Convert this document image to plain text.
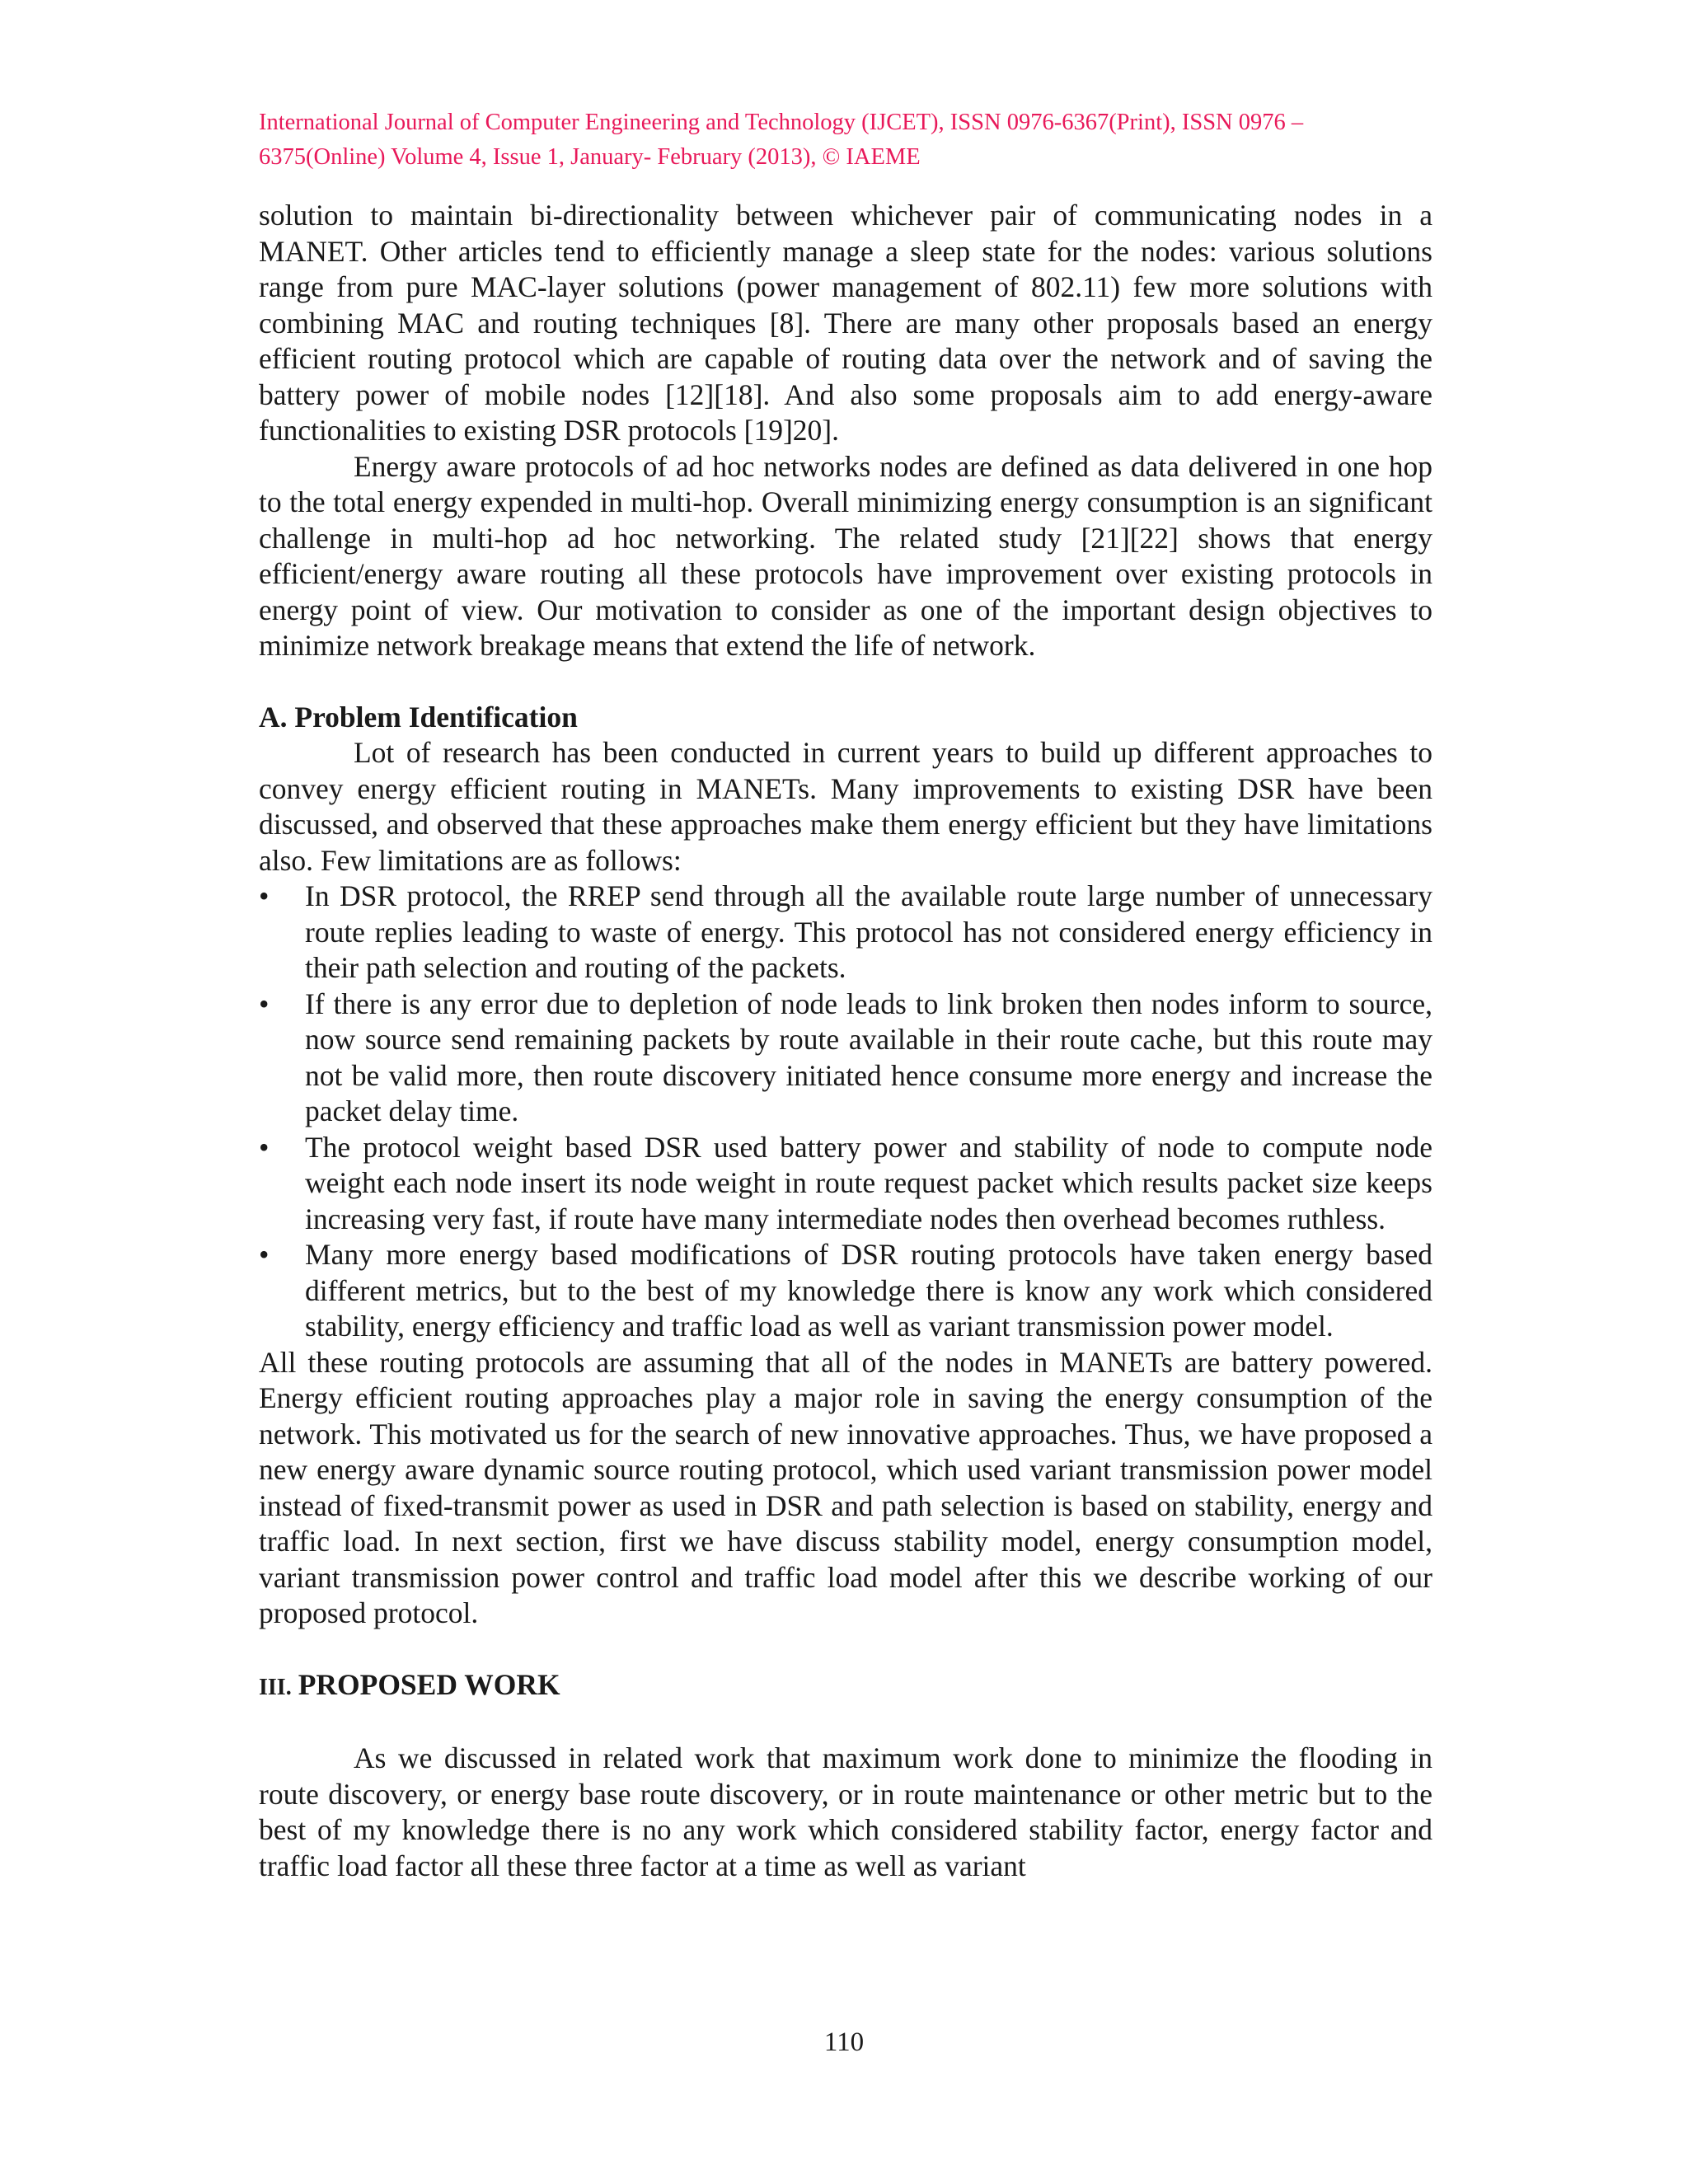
International Journal of Computer Engineering and Technology (IJCET), ISSN 0976-6367(Print), ISSN 0976 –
6375(Online) Volume 4, Issue 1, January- February (2013), © IAEME

solution to maintain bi-directionality between whichever pair of communicating nodes in a MANET. Other articles tend to efficiently manage a sleep state for the nodes: various solutions range from pure MAC-layer solutions (power management of 802.11) few more solutions with combining MAC and routing techniques [8]. There are many other proposals based an energy efficient routing protocol which are capable of routing data over the network and of saving the battery power of mobile nodes [12][18]. And also some proposals aim to add energy-aware functionalities to existing DSR protocols [19]20].

Energy aware protocols of ad hoc networks nodes are defined as data delivered in one hop to the total energy expended in multi-hop. Overall minimizing energy consumption is an significant challenge in multi-hop ad hoc networking. The related study [21][22] shows that energy efficient/energy aware routing all these protocols have improvement over existing protocols in energy point of view. Our motivation to consider as one of the important design objectives to minimize network breakage means that extend the life of network.

A. Problem Identification

Lot of research has been conducted in current years to build up different approaches to convey energy efficient routing in MANETs. Many improvements to existing DSR have been discussed, and observed that these approaches make them energy efficient but they have limitations also. Few limitations are as follows:

•	In DSR protocol, the RREP send through all the available route large number of unnecessary route replies leading to waste of energy. This protocol has not considered energy efficiency in their path selection and routing of the packets.
•	If there is any error due to depletion of node leads to link broken then nodes inform to source, now source send remaining packets by route available in their route cache, but this route may not be valid more, then route discovery initiated hence consume more energy and increase the packet delay time.
•	The protocol weight based DSR used battery power and stability of node to compute node weight each node insert its node weight in route request packet which results packet size keeps increasing very fast, if route have many intermediate nodes then overhead becomes ruthless.
•	Many more energy based modifications of DSR routing protocols have taken energy based different metrics, but to the best of my knowledge there is know any work which considered stability, energy efficiency and traffic load as well as variant transmission power model.

All these routing protocols are assuming that all of the nodes in MANETs are battery powered. Energy efficient routing approaches play a major role in saving the energy consumption of the network. This motivated us for the search of new innovative approaches. Thus, we have proposed a new energy aware dynamic source routing protocol, which used variant transmission power model instead of fixed-transmit power as used in DSR and path selection is based on stability, energy and traffic load. In next section, first we have discuss stability model, energy consumption model, variant transmission power control and traffic load model after this we describe working of our proposed protocol.

III. PROPOSED WORK

As we discussed in related work that maximum work done to minimize the flooding in route discovery, or energy base route discovery, or in route maintenance or other metric but to the best of my knowledge there is no any work which considered stability factor, energy factor and traffic load factor all these three factor at a time as well as variant

110
